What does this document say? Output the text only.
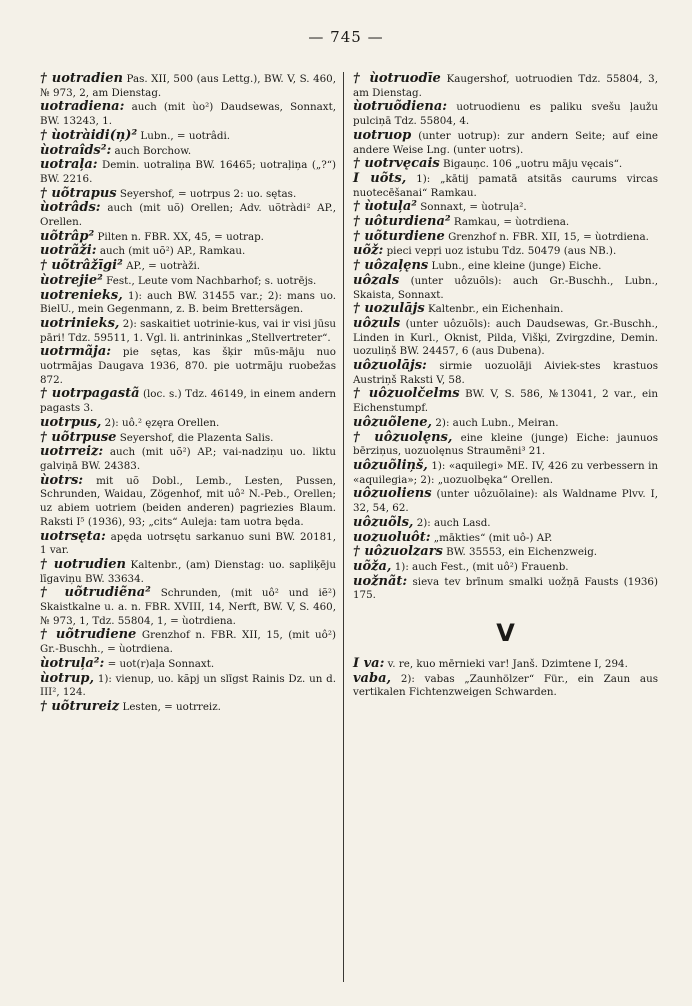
— 745 —

† uotradien Pas. XII, 500 (aus Lettg.), BW. V, S. 460, № 973, 2, am Dienstag.

uotradiena: auch (mit ùo²) Daudsewas, Sonnaxt, BW. 13243, 1.

† ùotràidi(ņ)² Lubn., = uotrâdi.

ùotraîds²: auch Borchow.

uotraļa: Demin. uotraliņa BW. 16465; uotraļiņa („?“) BW. 2216.

† uõtrapus Seyershof, = uotrpus 2: uo. sętas.

ùotrâds: auch (mit uõ) Orellen; Adv. uõtràdi² AP., Orellen.

uõtrâp² Pilten n. FBR. XX, 45, = uotrap.

uotrãži: auch (mit uõ²) AP., Ramkau.

† uõtrâžīgi² AP., = uotràži.

ùotrejie² Fest., Leute vom Nachbarhof; s. uotrējs.

uotrenieks, 1): auch BW. 31455 var.; 2): mans uo. BielU., mein Gegenmann, z. B. beim Brettersägen.

uotrinieks, 2): saskaitiet uotrinie-kus, vai ir visi jūsu pāri! Tdz. 59511, 1. Vgl. li. antrininkas „Stellvertreter“.

uotrmãja: pie sętas, kas šķir mūs-māju nuo uotrmãjas Daugava 1936, 870. pie uotrmãju ruobežas 872.

† uotrpagastã (loc. s.) Tdz. 46149, in einem andern pagasts 3.

uotrpus, 2): uô.² ęzęra Orellen.

† uõtrpuse Seyershof, die Plazenta Salis.

uotrreiz: auch (mit uõ²) AP.; vai-nadziņu uo. liktu galviņā BW. 24383.

ùotrs: mit uõ Dobl., Lemb., Lesten, Pussen, Schrunden, Waidau, Zögenhof, mit uô² N.-Peb., Orellen; uz abiem uotriem (beiden anderen) pagriezies Blaum. Raksti I⁵ (1936), 93; „cits“ Auleja: tam uotra będa.

uotrsęta: apęda uotrsętu sarkanuo suni BW. 20181, 1 var.

† uotrudien Kaltenbr., (am) Dienstag: uo. sapliķēju līgaviņu BW. 33634.

† uõtrudiẽna² Schrunden, (mit uô² und iẽ²) Skaistkalne u. a. n. FBR. XVIII, 14, Nerft, BW. V, S. 460, № 973, 1, Tdz. 55804, 1, = ùotrdiena.

† uõtrudiene Grenzhof n. FBR. XII, 15, (mit uô²) Gr.-Buschh., = ùotrdiena.

ùotruļa²: = uot(r)aļa Sonnaxt.

ùotrup, 1): vienup, uo. kãpj un slīgst Rainis Dz. un d. III², 124.

† uõtrureiz Lesten, = uotrreiz.

† ùotruodīe Kaugershof, uotruodien Tdz. 55804, 3, am Dienstag.

ùotruõdiena: uotruodienu es paliku svešu ļaužu pulciņā Tdz. 55804, 4.

uotruop (unter uotrup): zur andern Seite; auf eine andere Weise Lng. (unter uotrs).

† uotrvęcais Bigauņc. 106 „uotru māju vęcais“.

I uõts, 1): „kātij pamatā atsitās caurums vircas nuotecēšanai“ Ramkau.

† ùotuļa² Sonnaxt, = ùotruļa².

† uôturdiena² Ramkau, = ùotrdiena.

† uõturdiene Grenzhof n. FBR. XII, 15, = ùotrdiena.

uõž: pieci vepŗi uoz istubu Tdz. 50479 (aus NB.).

† uôzaļęns Lubn., eine kleine (junge) Eiche.

uôzals (unter uôzuõls): auch Gr.-Buschh., Lubn., Skaista, Sonnaxt.

† uozulājs Kaltenbr., ein Eichenhain.

uôzuls (unter uôzuõls): auch Daudsewas, Gr.-Buschh., Linden in Kurl., Oknist, Pilda, Višķi, Zvirgzdine, Demin. uozuliņš BW. 24457, 6 (aus Dubena).

uôzuolājs: sirmie uozuolāji Aiviek-stes krastuos Austriņš Raksti V, 58.

† uôzuolčelms BW. V, S. 586, №13041, 2 var., ein Eichenstumpf.

uôzuõlene, 2): auch Lubn., Meiran.

† uôzuolęns, eine kleine (junge) Eiche: jaunuos bērziņus, uozuolęnus Straumēni³ 21.

uôzuõliņš, 1): «aquilegi» ME. IV, 426 zu verbessern in «aquilegia»; 2): „uozuolbęka“ Orellen.

uôzuoliens (unter uôzuõlaine): als Waldname Plvv. I, 32, 54, 62.

uôzuõls, 2): auch Lasd.

uozuoluôt: „mākties“ (mit uô-) AP.

† uôzuolzars BW. 35553, ein Eichenzweig.

uõža, 1): auch Fest., (mit uô²) Frauenb.

uožnãt: sieva tev brīnum smalki uožņā Fausts (1936) 175.

V

I va: v. re, kuo mērnieki var! Janš. Dzimtene I, 294.

vaba, 2): vabas „Zaunhölzer“ Für., ein Zaun aus vertikalen Fichtenzweigen Schwarden.
